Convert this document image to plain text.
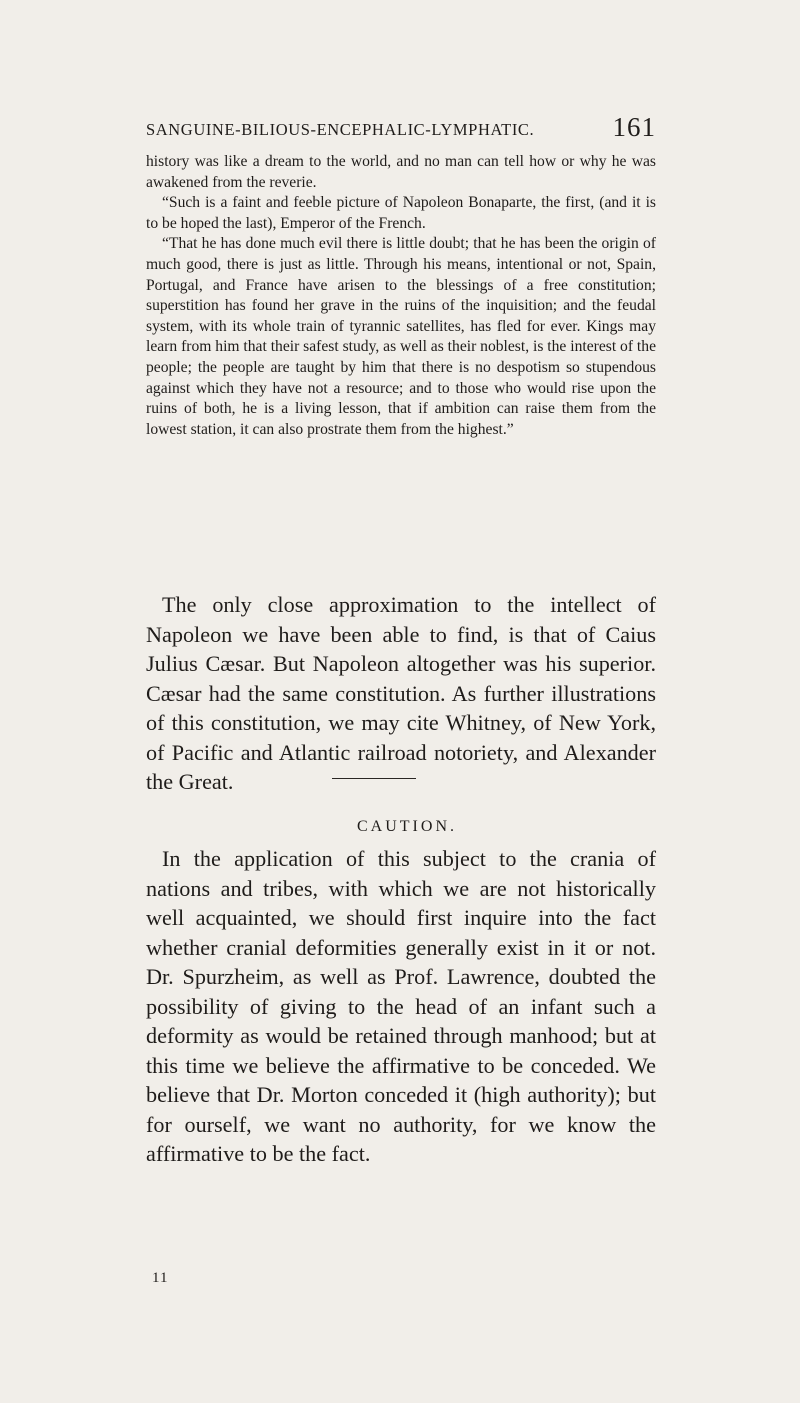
SANGUINE-BILIOUS-ENCEPHALIC-LYMPHATIC.	161

history was like a dream to the world, and no man can tell how or why he was awakened from the reverie.

“Such is a faint and feeble picture of Napoleon Bonaparte, the first, (and it is to be hoped the last), Emperor of the French.

“That he has done much evil there is little doubt; that he has been the origin of much good, there is just as little. Through his means, intentional or not, Spain, Portugal, and France have arisen to the blessings of a free constitution; superstition has found her grave in the ruins of the inquisition; and the feudal system, with its whole train of tyrannic satellites, has fled for ever. Kings may learn from him that their safest study, as well as their noblest, is the interest of the people; the people are taught by him that there is no despotism so stupendous against which they have not a resource; and to those who would rise upon the ruins of both, he is a living lesson, that if ambition can raise them from the lowest station, it can also prostrate them from the highest.”

The only close approximation to the intellect of Napoleon we have been able to find, is that of Caius Julius Cæsar. But Napoleon altogether was his superior. Cæsar had the same constitution. As further illustrations of this constitution, we may cite Whitney, of New York, of Pacific and Atlantic railroad notoriety, and Alexander the Great.

CAUTION.

In the application of this subject to the crania of nations and tribes, with which we are not historically well acquainted, we should first inquire into the fact whether cranial deformities generally exist in it or not. Dr. Spurzheim, as well as Prof. Lawrence, doubted the possibility of giving to the head of an infant such a deformity as would be retained through manhood; but at this time we believe the affirmative to be conceded. We believe that Dr. Morton conceded it (high authority); but for ourself, we want no authority, for we know the affirmative to be the fact.

11
